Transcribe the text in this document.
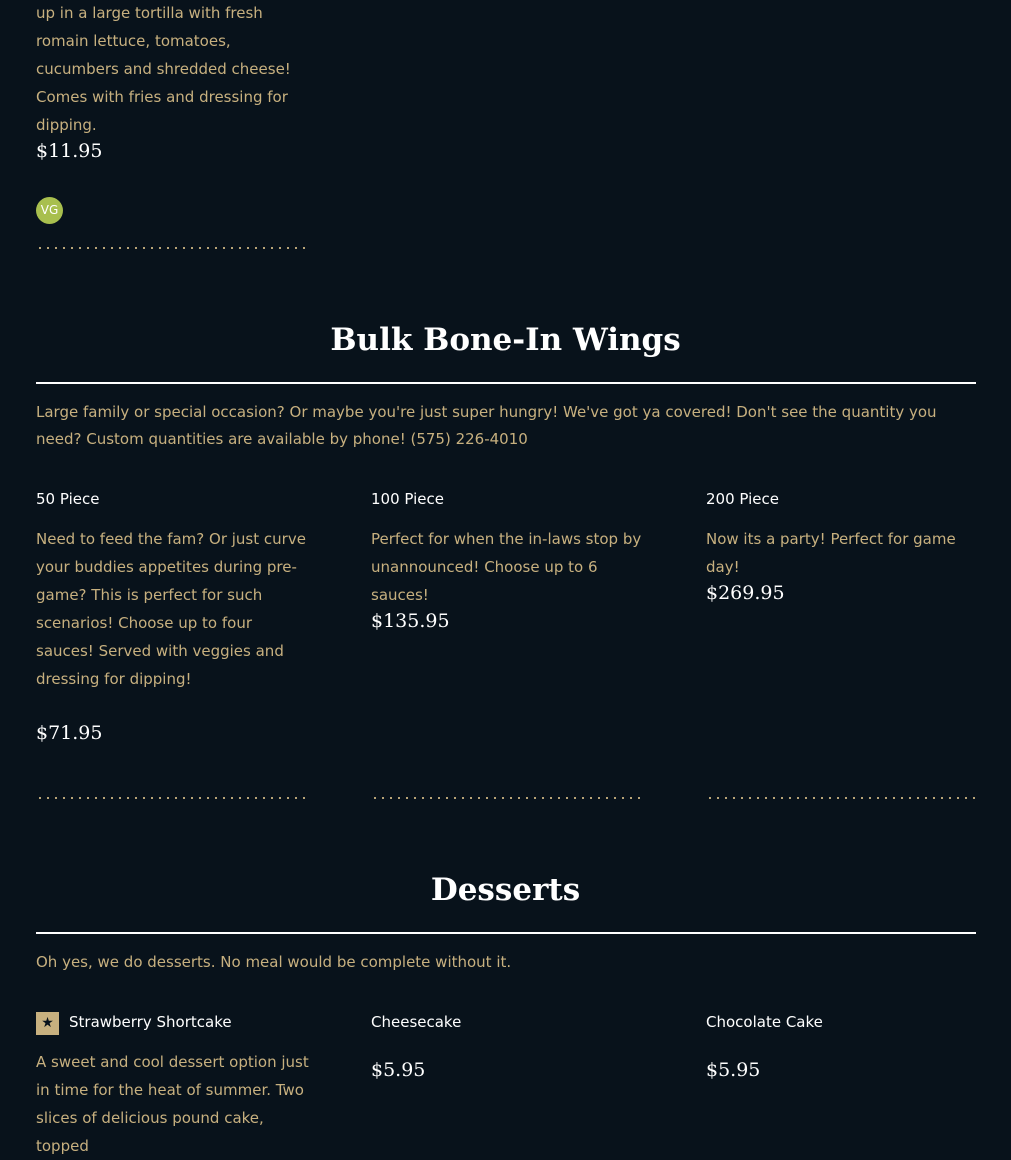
up in a large tortilla with fresh romain lettuce, tomatoes, cucumbers and shredded cheese! Comes with fries and dressing for dipping.

$11.95

VG
Bulk Bone-In Wings

Large family or special occasion? Or maybe you're just super hungry! We've got ya covered! Don't see the quantity you need? Custom quantities are available by phone! (575) 226-4010

50 Piece

Need to feed the fam? Or just curve your buddies appetites during pre-game? This is perfect for such scenarios! Choose up to four sauces! Served with veggies and dressing for dipping!

$71.95

100 Piece

Perfect for when the in-laws stop by unannounced! Choose up to 6 sauces!

$135.95

200 Piece

Now its a party! Perfect for game day!

$269.95

Desserts

Oh yes, we do desserts. No meal would be complete without it.

★	Strawberry Shortcake

A sweet and cool dessert option just in time for the heat of summer. Two slices of delicious pound cake, topped

Cheesecake

$5.95

Chocolate Cake

$5.95
